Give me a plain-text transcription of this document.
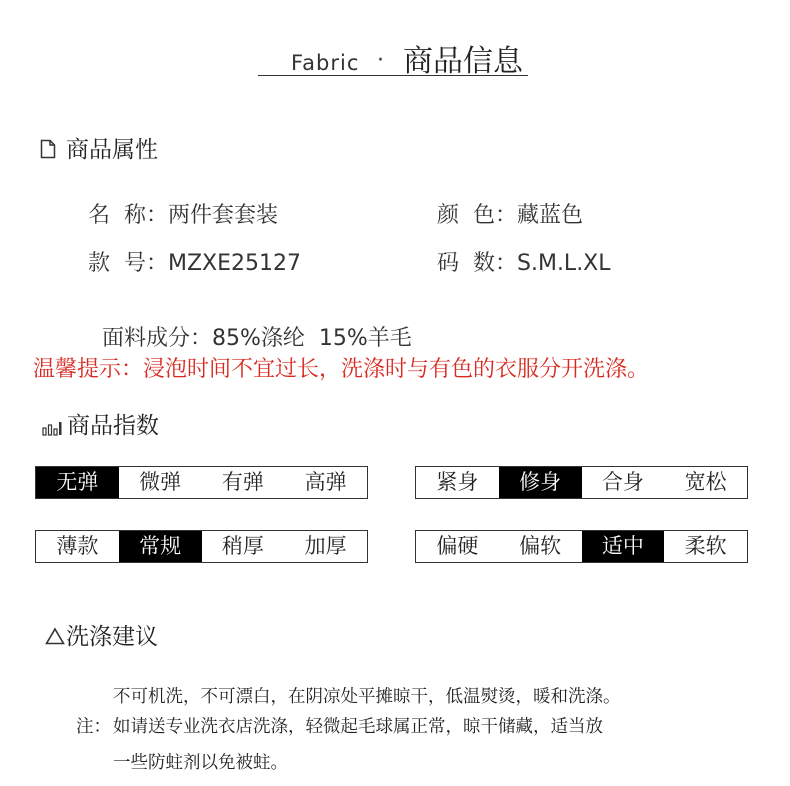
Fabric · 商品信息
商品属性
名  称：两件套套装	颜  色：藏蓝色
款  号：MZXE25127	码  数：S.M.L.XL

面料成分：85%涤纶  15%羊毛

温馨提示：浸泡时间不宜过长，洗涤时与有色的衣服分开洗涤。
商品指数
无弹	微弹	有弹	高弹	紧身	修身	合身	宽松
薄款	常规	稍厚	加厚	偏硬	偏软	适中	柔软
洗涤建议
不可机洗，不可漂白，在阴凉处平摊晾干，低温熨烫，暖和洗涤。
注： 如请送专业洗衣店洗涤，轻微起毛球属正常，晾干储藏，适当放
一些防蛀剂以免被蛀。
